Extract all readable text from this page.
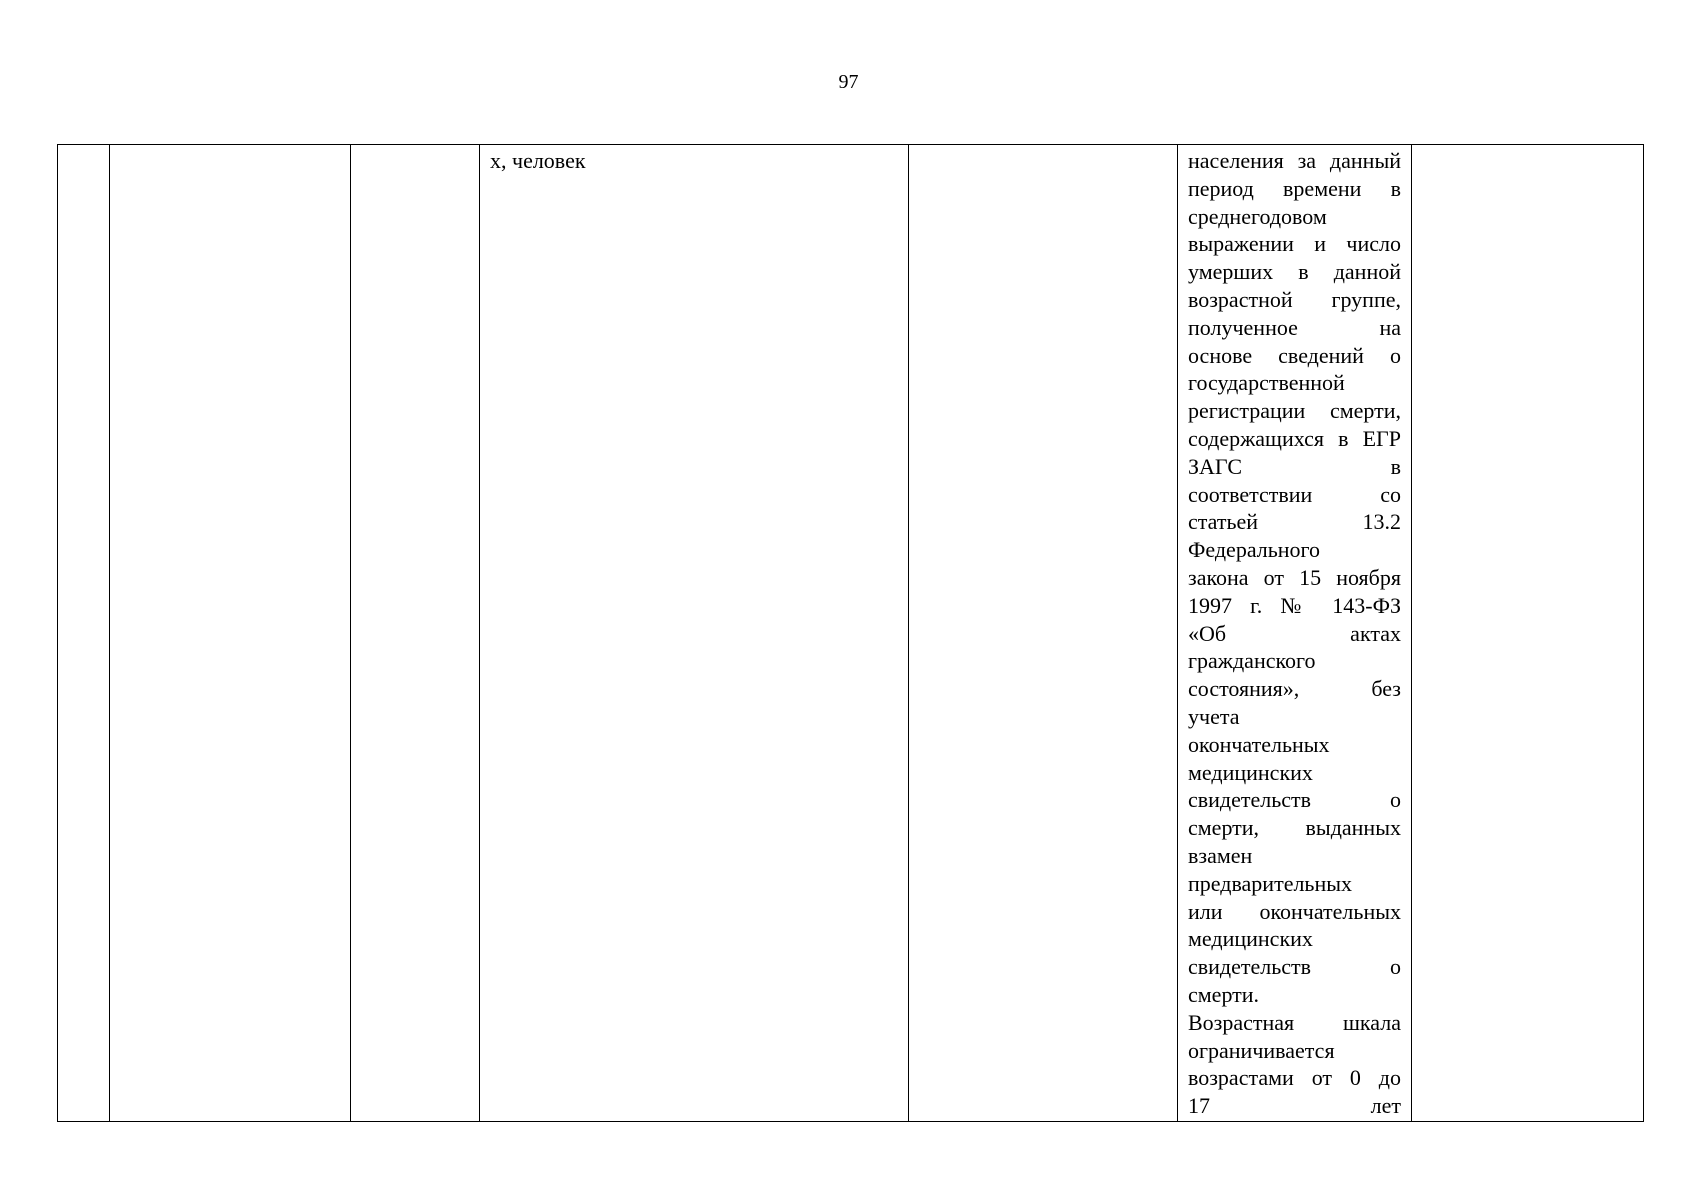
97

х, человек		населения за данный
период времени в
среднегодовом
выражении и число
умерших в данной
возрастной группе,
полученное на
основе сведений о
государственной
регистрации смерти,
содержащихся в ЕГР
ЗАГС в
соответствии со
статьей 13.2
Федерального
закона от 15 ноября
1997 г. № 143-ФЗ
«Об актах
гражданского
состояния», без
учета
окончательных
медицинских
свидетельств о
смерти, выданных
взамен
предварительных
или окончательных
медицинских
свидетельств о
смерти.
Возрастная шкала
ограничивается
возрастами от 0 до
17 лет
